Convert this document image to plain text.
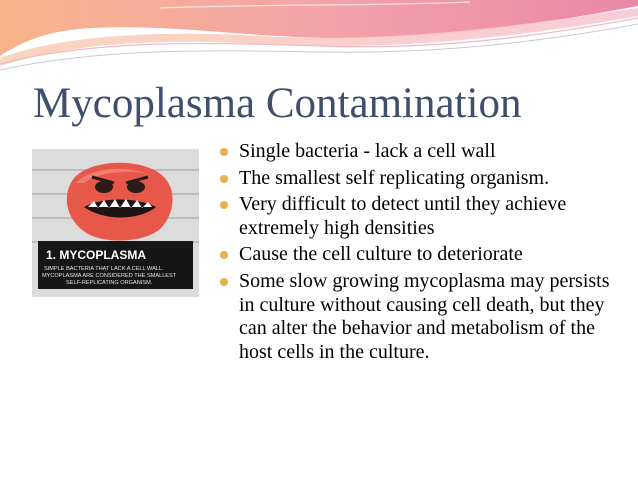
Mycoplasma Contamination
1. MYCOPLASMA
SIMPLE BACTERIA THAT LACK A CELL WALL.
MYCOPLASMA ARE CONSIDERED THE SMALLEST
SELF-REPLICATING ORGANISM.
Single bacteria - lack a cell wall
The smallest self replicating organism.
Very difficult to detect until they achieve extremely high densities
Cause the cell culture to deteriorate
Some slow growing mycoplasma may persists in culture without causing cell death, but they can alter the behavior and metabolism of the host cells in the culture.
